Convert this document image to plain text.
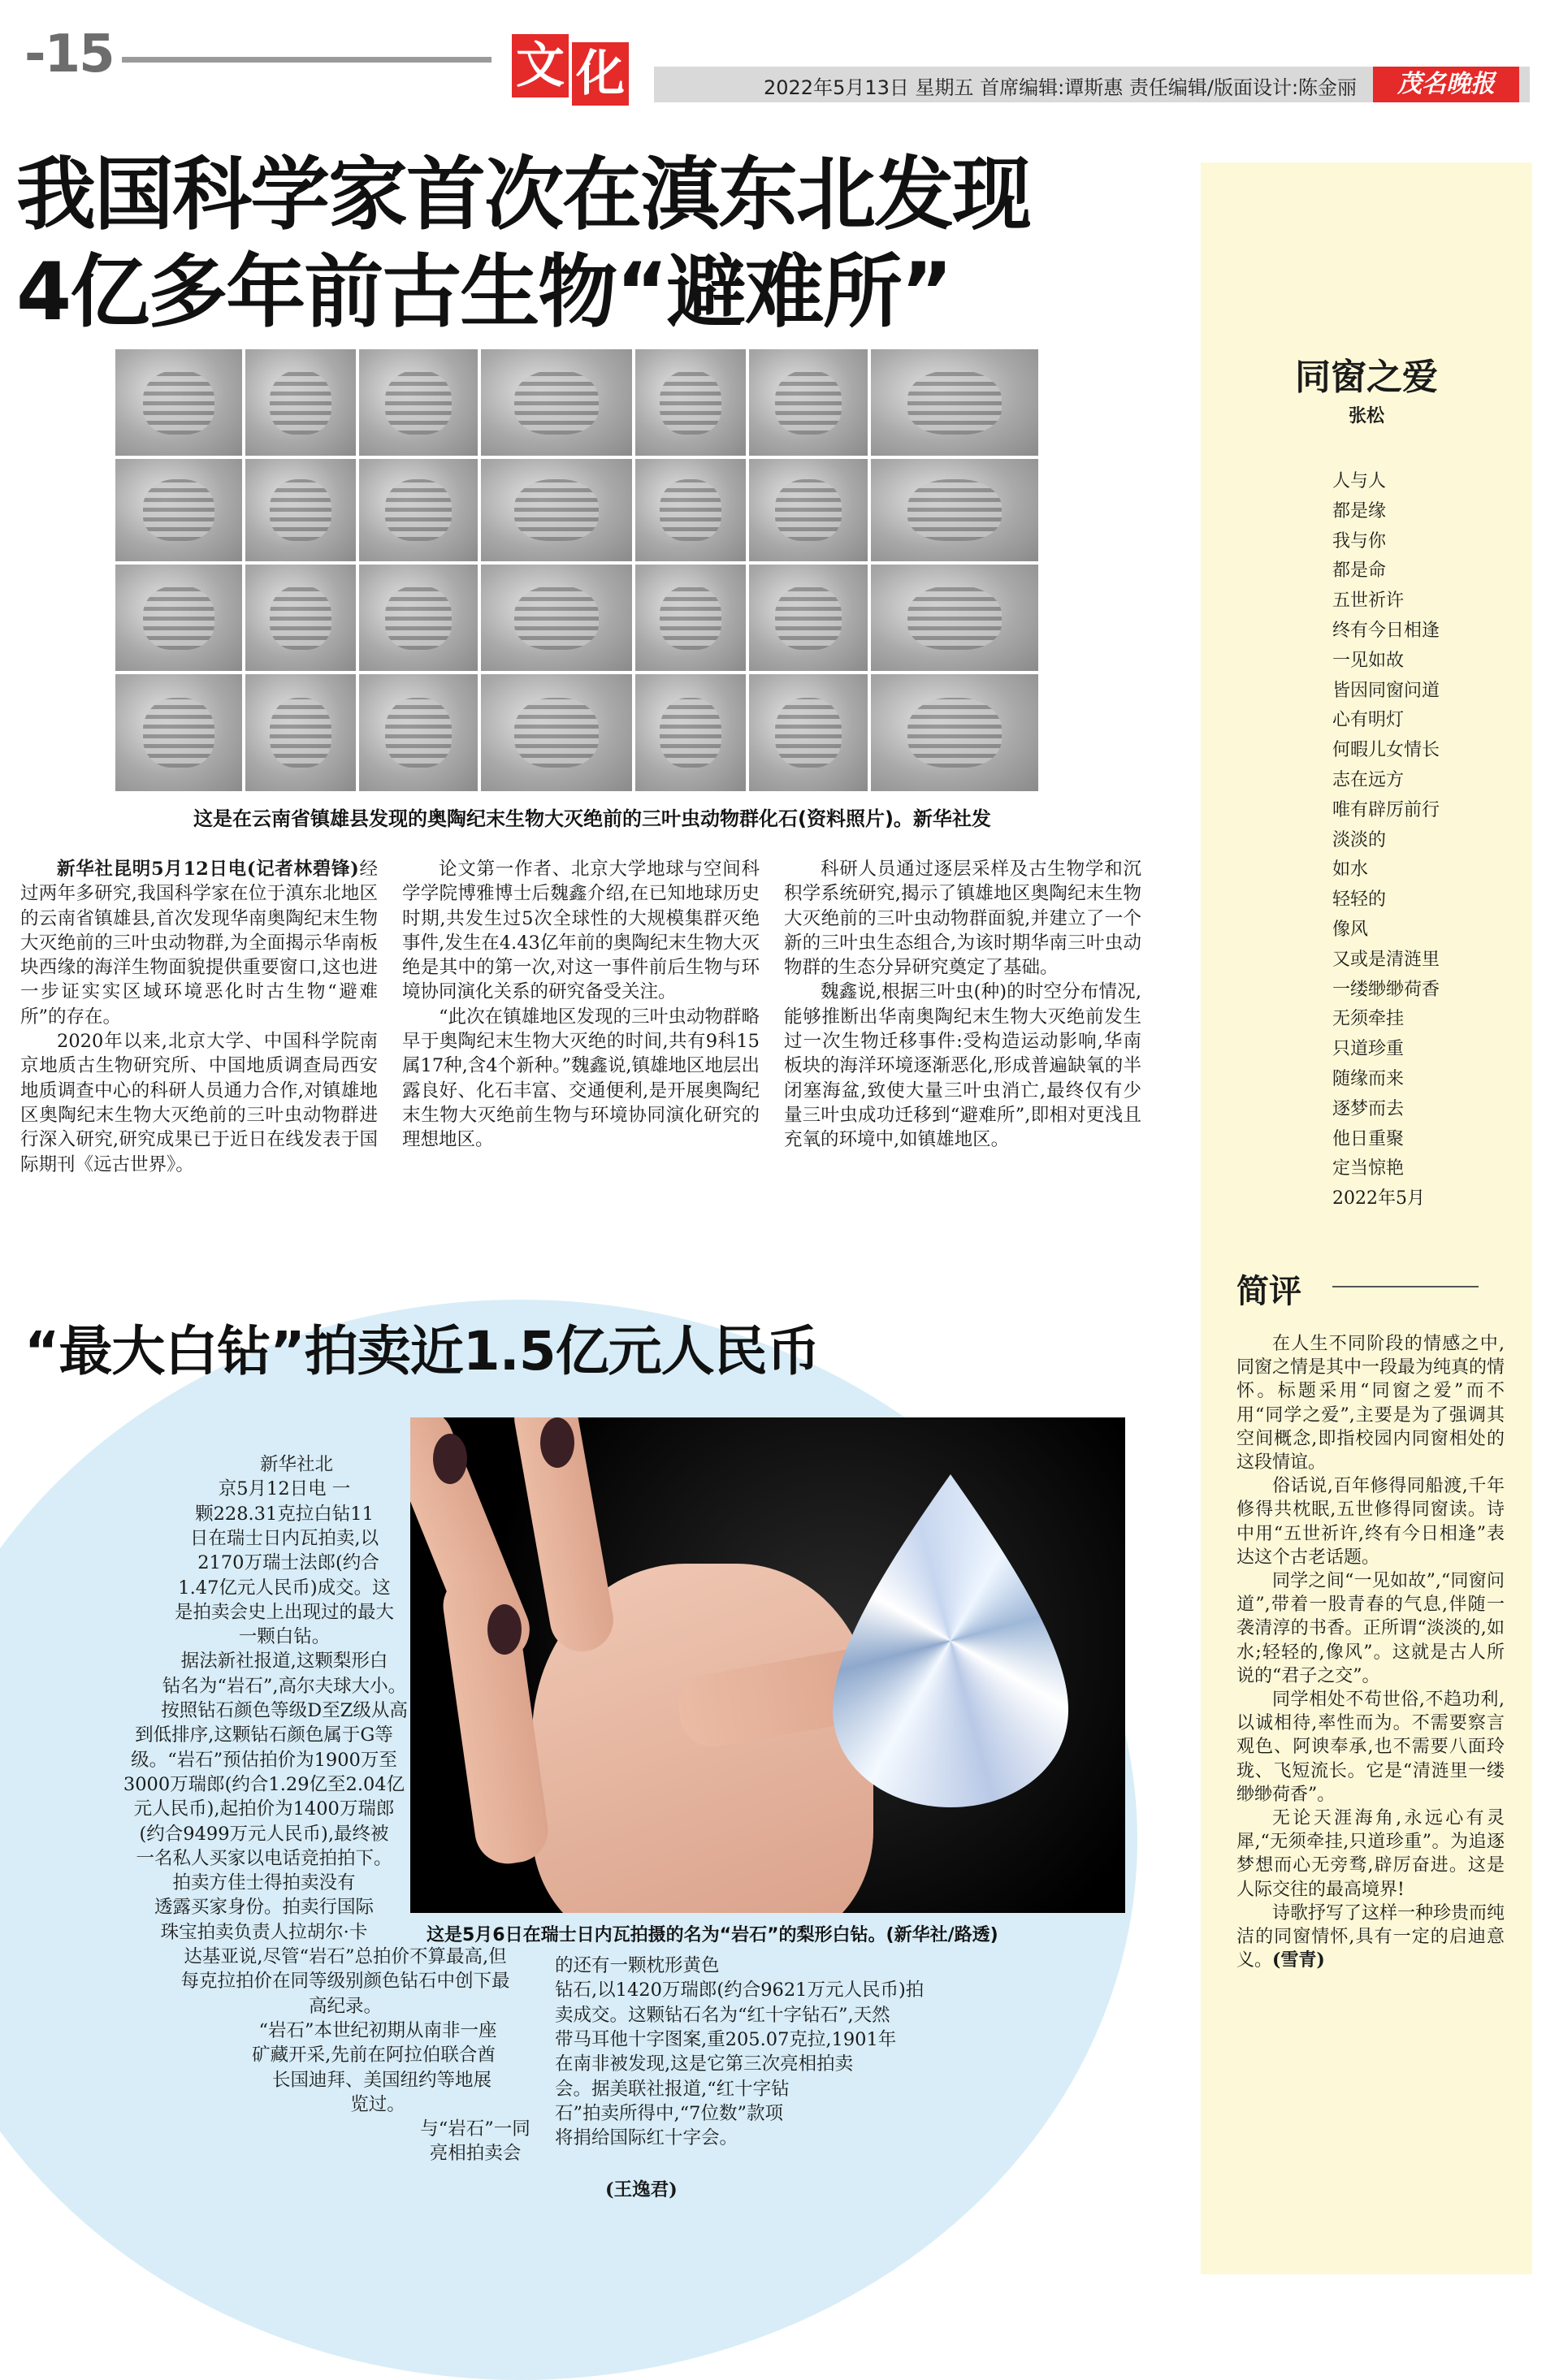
-15	文 化	2022年5月13日 星期五 首席编辑:谭斯惠 责任编辑/版面设计:陈金丽	茂名晚报
我国科学家首次在滇东北发现
4亿多年前古生物“避难所”
这是在云南省镇雄县发现的奥陶纪末生物大灭绝前的三叶虫动物群化石(资料照片)。新华社发

新华社昆明5月12日电(记者林碧锋)经过两年多研究,我国科学家在位于滇东北地区的云南省镇雄县,首次发现华南奥陶纪末生物大灭绝前的三叶虫动物群,为全面揭示华南板块西缘的海洋生物面貌提供重要窗口,这也进一步证实实区域环境恶化时古生物“避难所”的存在。

2020年以来,北京大学、中国科学院南京地质古生物研究所、中国地质调查局西安地质调查中心的科研人员通力合作,对镇雄地区奥陶纪末生物大灭绝前的三叶虫动物群进行深入研究,研究成果已于近日在线发表于国际期刊《远古世界》。

论文第一作者、北京大学地球与空间科学学院博雅博士后魏鑫介绍,在已知地球历史时期,共发生过5次全球性的大规模集群灭绝事件,发生在4.43亿年前的奥陶纪末生物大灭绝是其中的第一次,对这一事件前后生物与环境协同演化关系的研究备受关注。

“此次在镇雄地区发现的三叶虫动物群略早于奥陶纪末生物大灭绝的时间,共有9科15属17种,含4个新种。”魏鑫说,镇雄地区地层出露良好、化石丰富、交通便利,是开展奥陶纪末生物大灭绝前生物与环境协同演化研究的理想地区。

科研人员通过逐层采样及古生物学和沉积学系统研究,揭示了镇雄地区奥陶纪末生物大灭绝前的三叶虫动物群面貌,并建立了一个新的三叶虫生态组合,为该时期华南三叶虫动物群的生态分异研究奠定了基础。

魏鑫说,根据三叶虫(种)的时空分布情况,能够推断出华南奥陶纪末生物大灭绝前发生过一次生物迁移事件:受构造运动影响,华南板块的海洋环境逐渐恶化,形成普遍缺氧的半闭塞海盆,致使大量三叶虫消亡,最终仅有少量三叶虫成功迁移到“避难所”,即相对更浅且充氧的环境中,如镇雄地区。

“最大白钻”拍卖近1.5亿元人民币
这是5月6日在瑞士日内瓦拍摄的名为“岩石”的梨形白钻。(新华社/路透)
新华社北
京5月12日电 一
颗228.31克拉白钻11
日在瑞士日内瓦拍卖,以
2170万瑞士法郎(约合
1.47亿元人民币)成交。这
是拍卖会史上出现过的最大
一颗白钻。
据法新社报道,这颗梨形白
钻名为“岩石”,高尔夫球大小。
按照钻石颜色等级D至Z级从高
到低排序,这颗钻石颜色属于G等
级。“岩石”预估拍价为1900万至
3000万瑞郎(约合1.29亿至2.04亿
元人民币),起拍价为1400万瑞郎
(约合9499万元人民币),最终被
一名私人买家以电话竞拍拍下。
拍卖方佳士得拍卖没有
透露买家身份。拍卖行国际
珠宝拍卖负责人拉胡尔·卡
达基亚说,尽管“岩石”总拍价不算最高,但
每克拉拍价在同等级别颜色钻石中创下最
高纪录。
“岩石”本世纪初期从南非一座
矿藏开采,先前在阿拉伯联合酋
长国迪拜、美国纽约等地展
览过。
与“岩石”一同
亮相拍卖会
的还有一颗枕形黄色
钻石,以1420万瑞郎(约合9621万元人民币)拍
卖成交。这颗钻石名为“红十字钻石”,天然
带马耳他十字图案,重205.07克拉,1901年
在南非被发现,这是它第三次亮相拍卖
会。据美联社报道,“红十字钻
石”拍卖所得中,“7位数”款项
将捐给国际红十字会。
(王逸君)
同窗之爱
张松
人与人
都是缘
我与你
都是命
五世祈许
终有今日相逢
一见如故
皆因同窗问道
心有明灯
何暇儿女情长
志在远方
唯有辟厉前行
淡淡的
如水
轻轻的
像风
又或是清涟里
一缕缈缈荷香
无须牵挂
只道珍重
随缘而来
逐梦而去
他日重聚
定当惊艳
2022年5月
简评

在人生不同阶段的情感之中,同窗之情是其中一段最为纯真的情怀。标题采用“同窗之爱”而不用“同学之爱”,主要是为了强调其空间概念,即指校园内同窗相处的这段情谊。

俗话说,百年修得同船渡,千年修得共枕眠,五世修得同窗读。诗中用“五世祈许,终有今日相逢”表达这个古老话题。

同学之间“一见如故”,“同窗问道”,带着一股青春的气息,伴随一袭清淳的书香。正所谓“淡淡的,如水;轻轻的,像风”。这就是古人所说的“君子之交”。

同学相处不苟世俗,不趋功利,以诚相待,率性而为。不需要察言观色、阿谀奉承,也不需要八面玲珑、飞短流长。它是“清涟里一缕缈缈荷香”。

无论天涯海角,永远心有灵犀,“无须牵挂,只道珍重”。为追逐梦想而心无旁骛,辟厉奋进。这是人际交往的最高境界!

诗歌抒写了这样一种珍贵而纯洁的同窗情怀,具有一定的启迪意义。(雪青)
